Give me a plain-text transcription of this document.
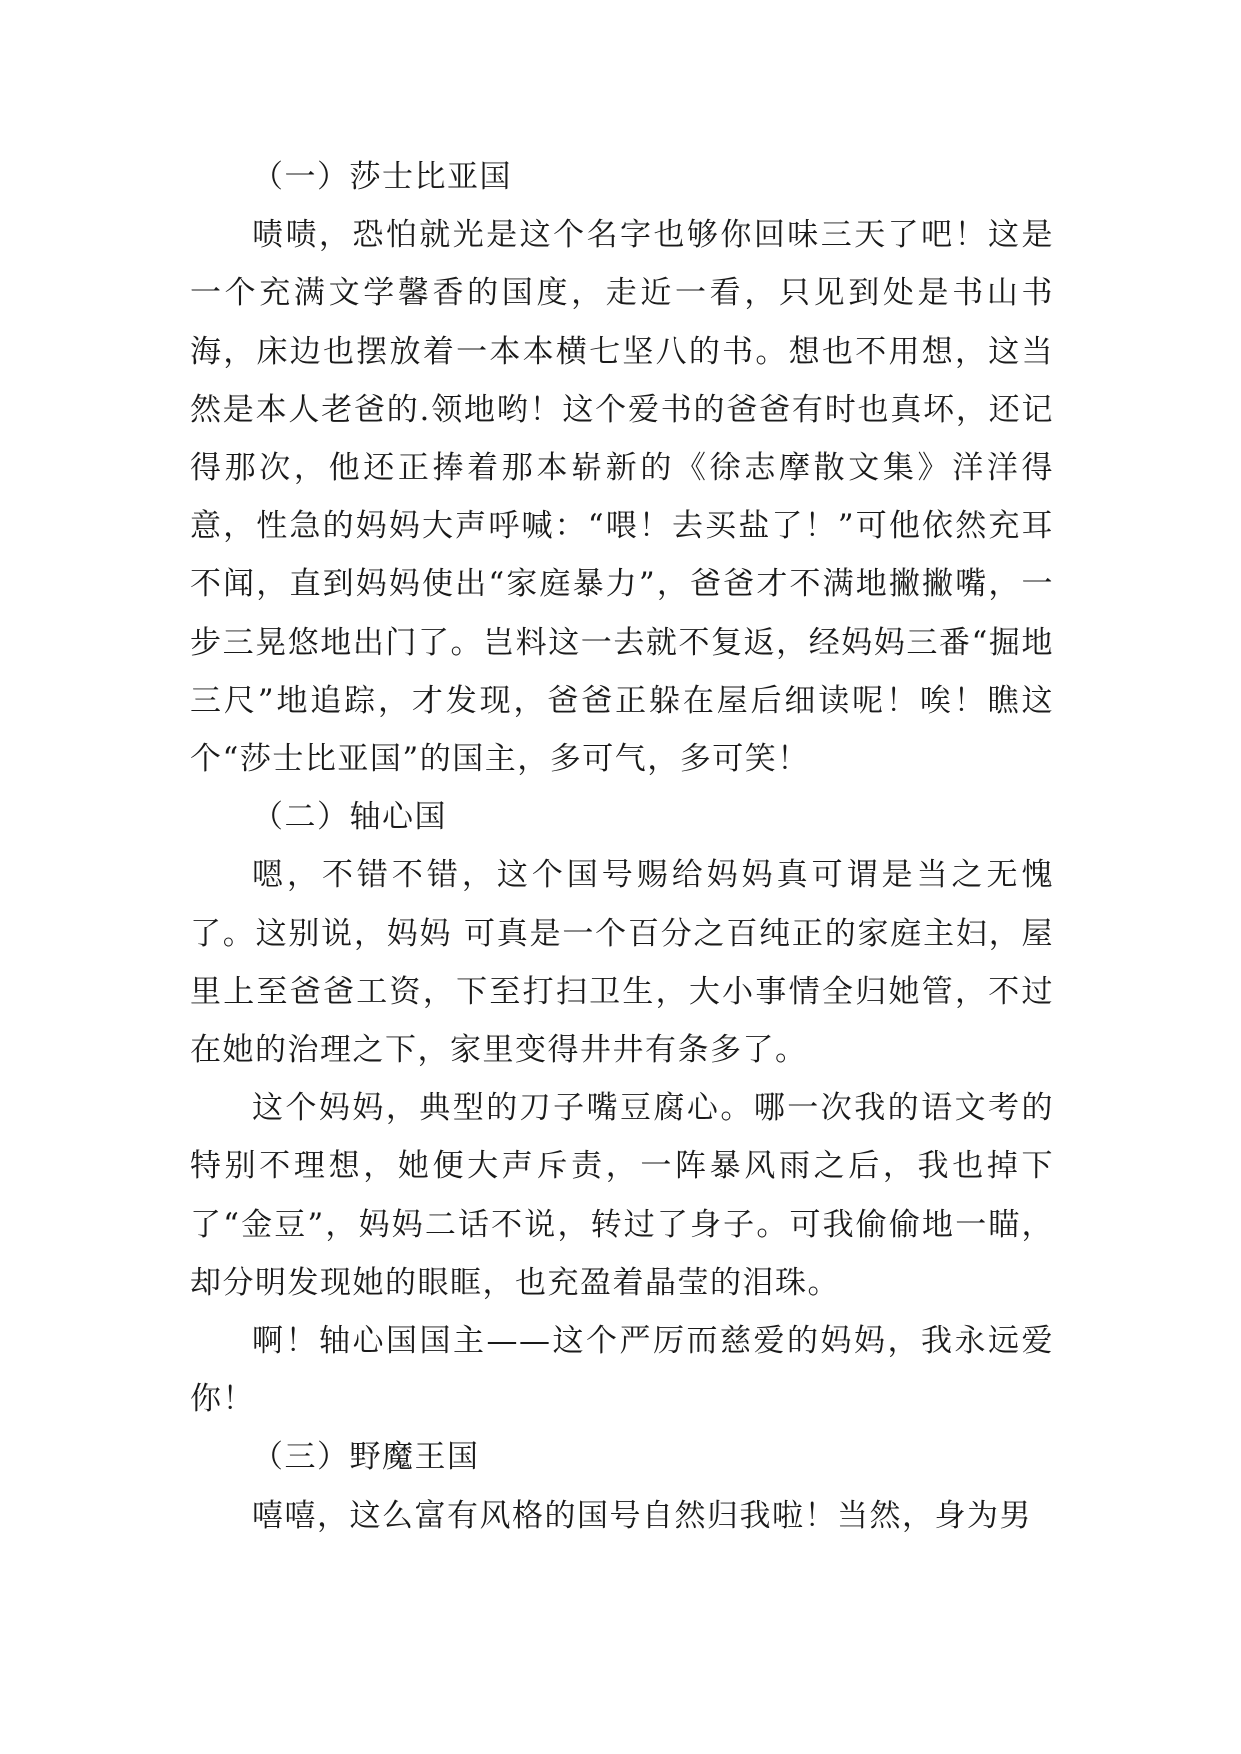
（一）莎士比亚国

啧啧，恐怕就光是这个名字也够你回味三天了吧！这是一个充满文学馨香的国度，走近一看，只见到处是书山书海，床边也摆放着一本本横七坚八的书。想也不用想，这当然是本人老爸的.领地哟！这个爱书的爸爸有时也真坏，还记得那次，他还正捧着那本崭新的《徐志摩散文集》洋洋得意，性急的妈妈大声呼喊：“喂！去买盐了！”可他依然充耳不闻，直到妈妈使出“家庭暴力”，爸爸才不满地撇撇嘴，一步三晃悠地出门了。岂料这一去就不复返，经妈妈三番“掘地三尺”地追踪，才发现，爸爸正躲在屋后细读呢！唉！瞧这个“莎士比亚国”的国主，多可气，多可笑！

（二）轴心国

嗯，不错不错，这个国号赐给妈妈真可谓是当之无愧了。这别说，妈妈 可真是一个百分之百纯正的家庭主妇，屋里上至爸爸工资，下至打扫卫生，大小事情全归她管，不过在她的治理之下，家里变得井井有条多了。

这个妈妈，典型的刀子嘴豆腐心。哪一次我的语文考的特别不理想，她便大声斥责，一阵暴风雨之后，我也掉下了“金豆”，妈妈二话不说，转过了身子。可我偷偷地一瞄，却分明发现她的眼眶，也充盈着晶莹的泪珠。

啊！轴心国国主——这个严厉而慈爱的妈妈，我永远爱你！

（三）野魔王国

嘻嘻，这么富有风格的国号自然归我啦！当然，身为男
